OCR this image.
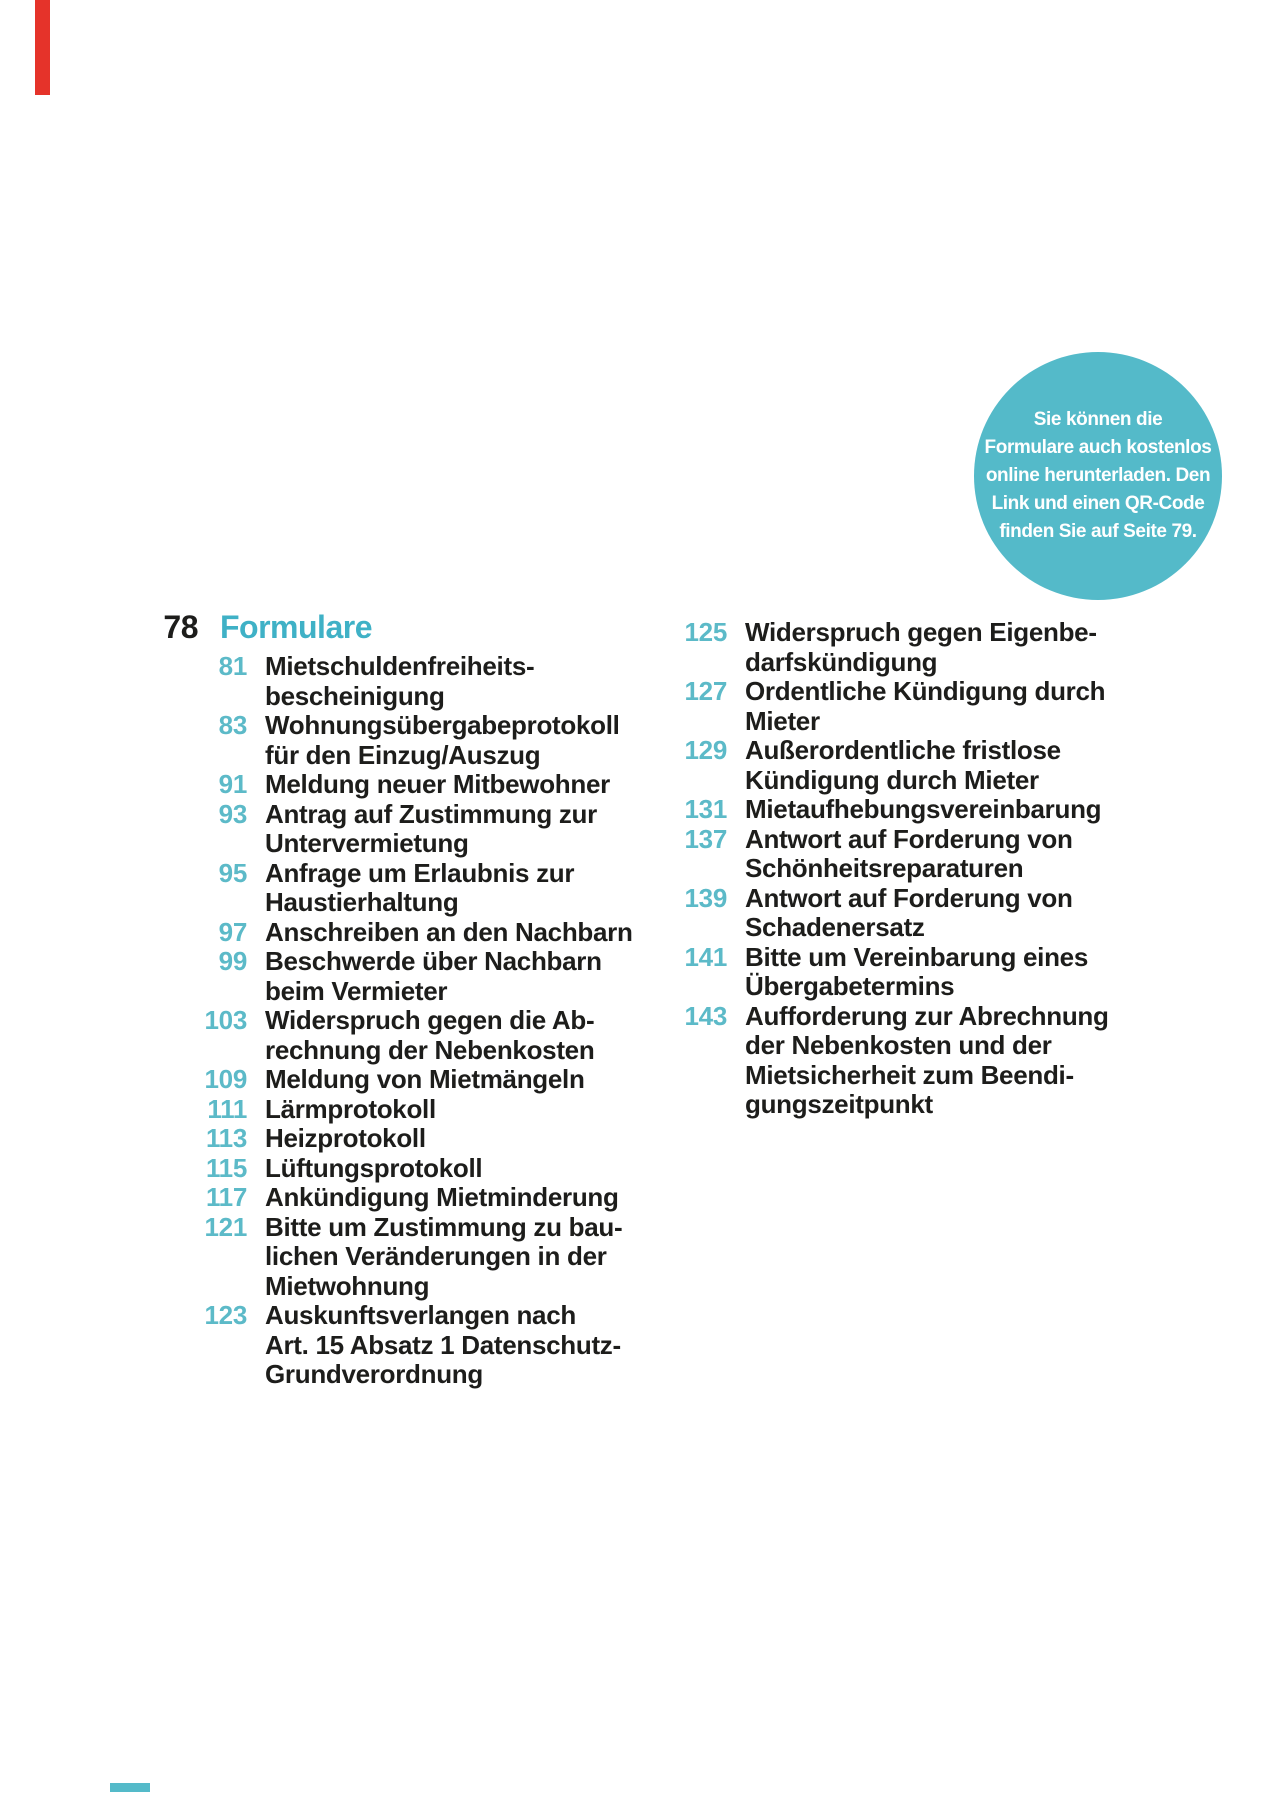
Sie können die
Formulare auch kostenlos
online herunterladen. Den
Link und einen QR-Code
finden Sie auf Seite 79.
78 Formulare
81 Mietschuldenfreiheits-
bescheinigung
83 Wohnungsübergabeprotokoll
für den Einzug/Auszug
91 Meldung neuer Mitbewohner
93 Antrag auf Zustimmung zur
Untervermietung
95 Anfrage um Erlaubnis zur
Haustierhaltung
97 Anschreiben an den Nachbarn
99 Beschwerde über Nachbarn
beim Vermieter
103 Widerspruch gegen die Ab-
rechnung der Nebenkosten
109 Meldung von Mietmängeln
111 Lärmprotokoll
113 Heizprotokoll
115 Lüftungsprotokoll
117 Ankündigung Mietminderung
121 Bitte um Zustimmung zu bau-
lichen Veränderungen in der
Mietwohnung
123 Auskunftsverlangen nach
Art. 15 Absatz 1 Datenschutz-
Grundverordnung
125 Widerspruch gegen Eigenbe-
darfskündigung
127 Ordentliche Kündigung durch
Mieter
129 Außerordentliche fristlose
Kündigung durch Mieter
131 Mietaufhebungsvereinbarung
137 Antwort auf Forderung von
Schönheitsreparaturen
139 Antwort auf Forderung von
Schadenersatz
141 Bitte um Vereinbarung eines
Übergabetermins
143 Aufforderung zur Abrechnung
der Nebenkosten und der
Mietsicherheit zum Beendi-
gungszeitpunkt
